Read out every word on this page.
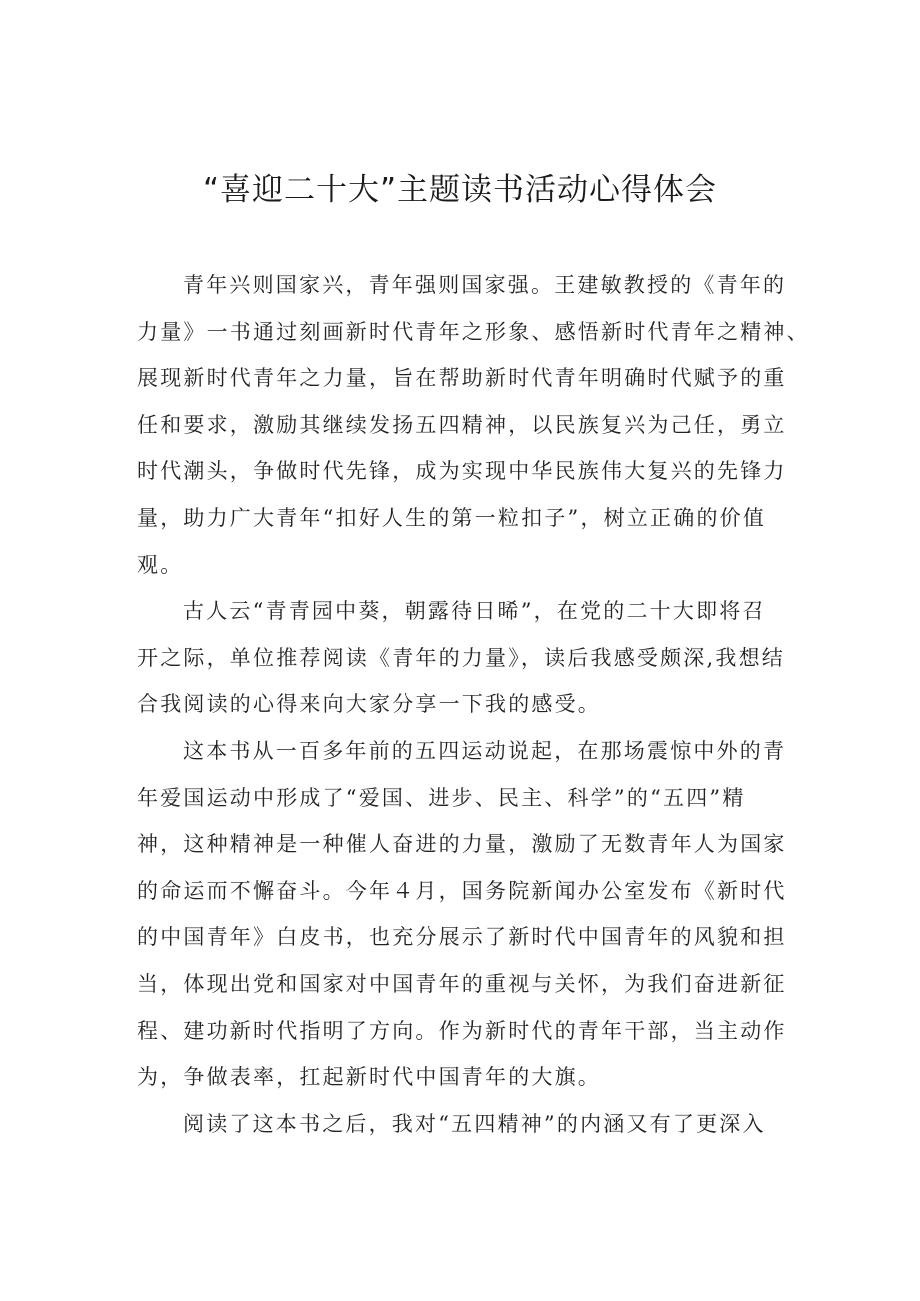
“喜迎二十大”主题读书活动心得体会
青年兴则国家兴，青年强则国家强。王建敏教授的《青年的
力量》一书通过刻画新时代青年之形象、感悟新时代青年之精神、
展现新时代青年之力量，旨在帮助新时代青年明确时代赋予的重
任和要求，激励其继续发扬五四精神，以民族复兴为己任，勇立
时代潮头，争做时代先锋，成为实现中华民族伟大复兴的先锋力
量，助力广大青年“扣好人生的第一粒扣子”，树立正确的价值
观。
古人云“青青园中葵，朝露待日晞”，在党的二十大即将召
开之际，单位推荐阅读《青年的力量》，读后我感受颇深,我想结
合我阅读的心得来向大家分享一下我的感受。
这本书从一百多年前的五四运动说起，在那场震惊中外的青
年爱国运动中形成了“爱国、进步、民主、科学”的“五四”精
神，这种精神是一种催人奋进的力量，激励了无数青年人为国家
的命运而不懈奋斗。今年４月，国务院新闻办公室发布《新时代
的中国青年》白皮书，也充分展示了新时代中国青年的风貌和担
当，体现出党和国家对中国青年的重视与关怀，为我们奋进新征
程、建功新时代指明了方向。作为新时代的青年干部，当主动作
为，争做表率，扛起新时代中国青年的大旗。
阅读了这本书之后，我对“五四精神”的内涵又有了更深入
